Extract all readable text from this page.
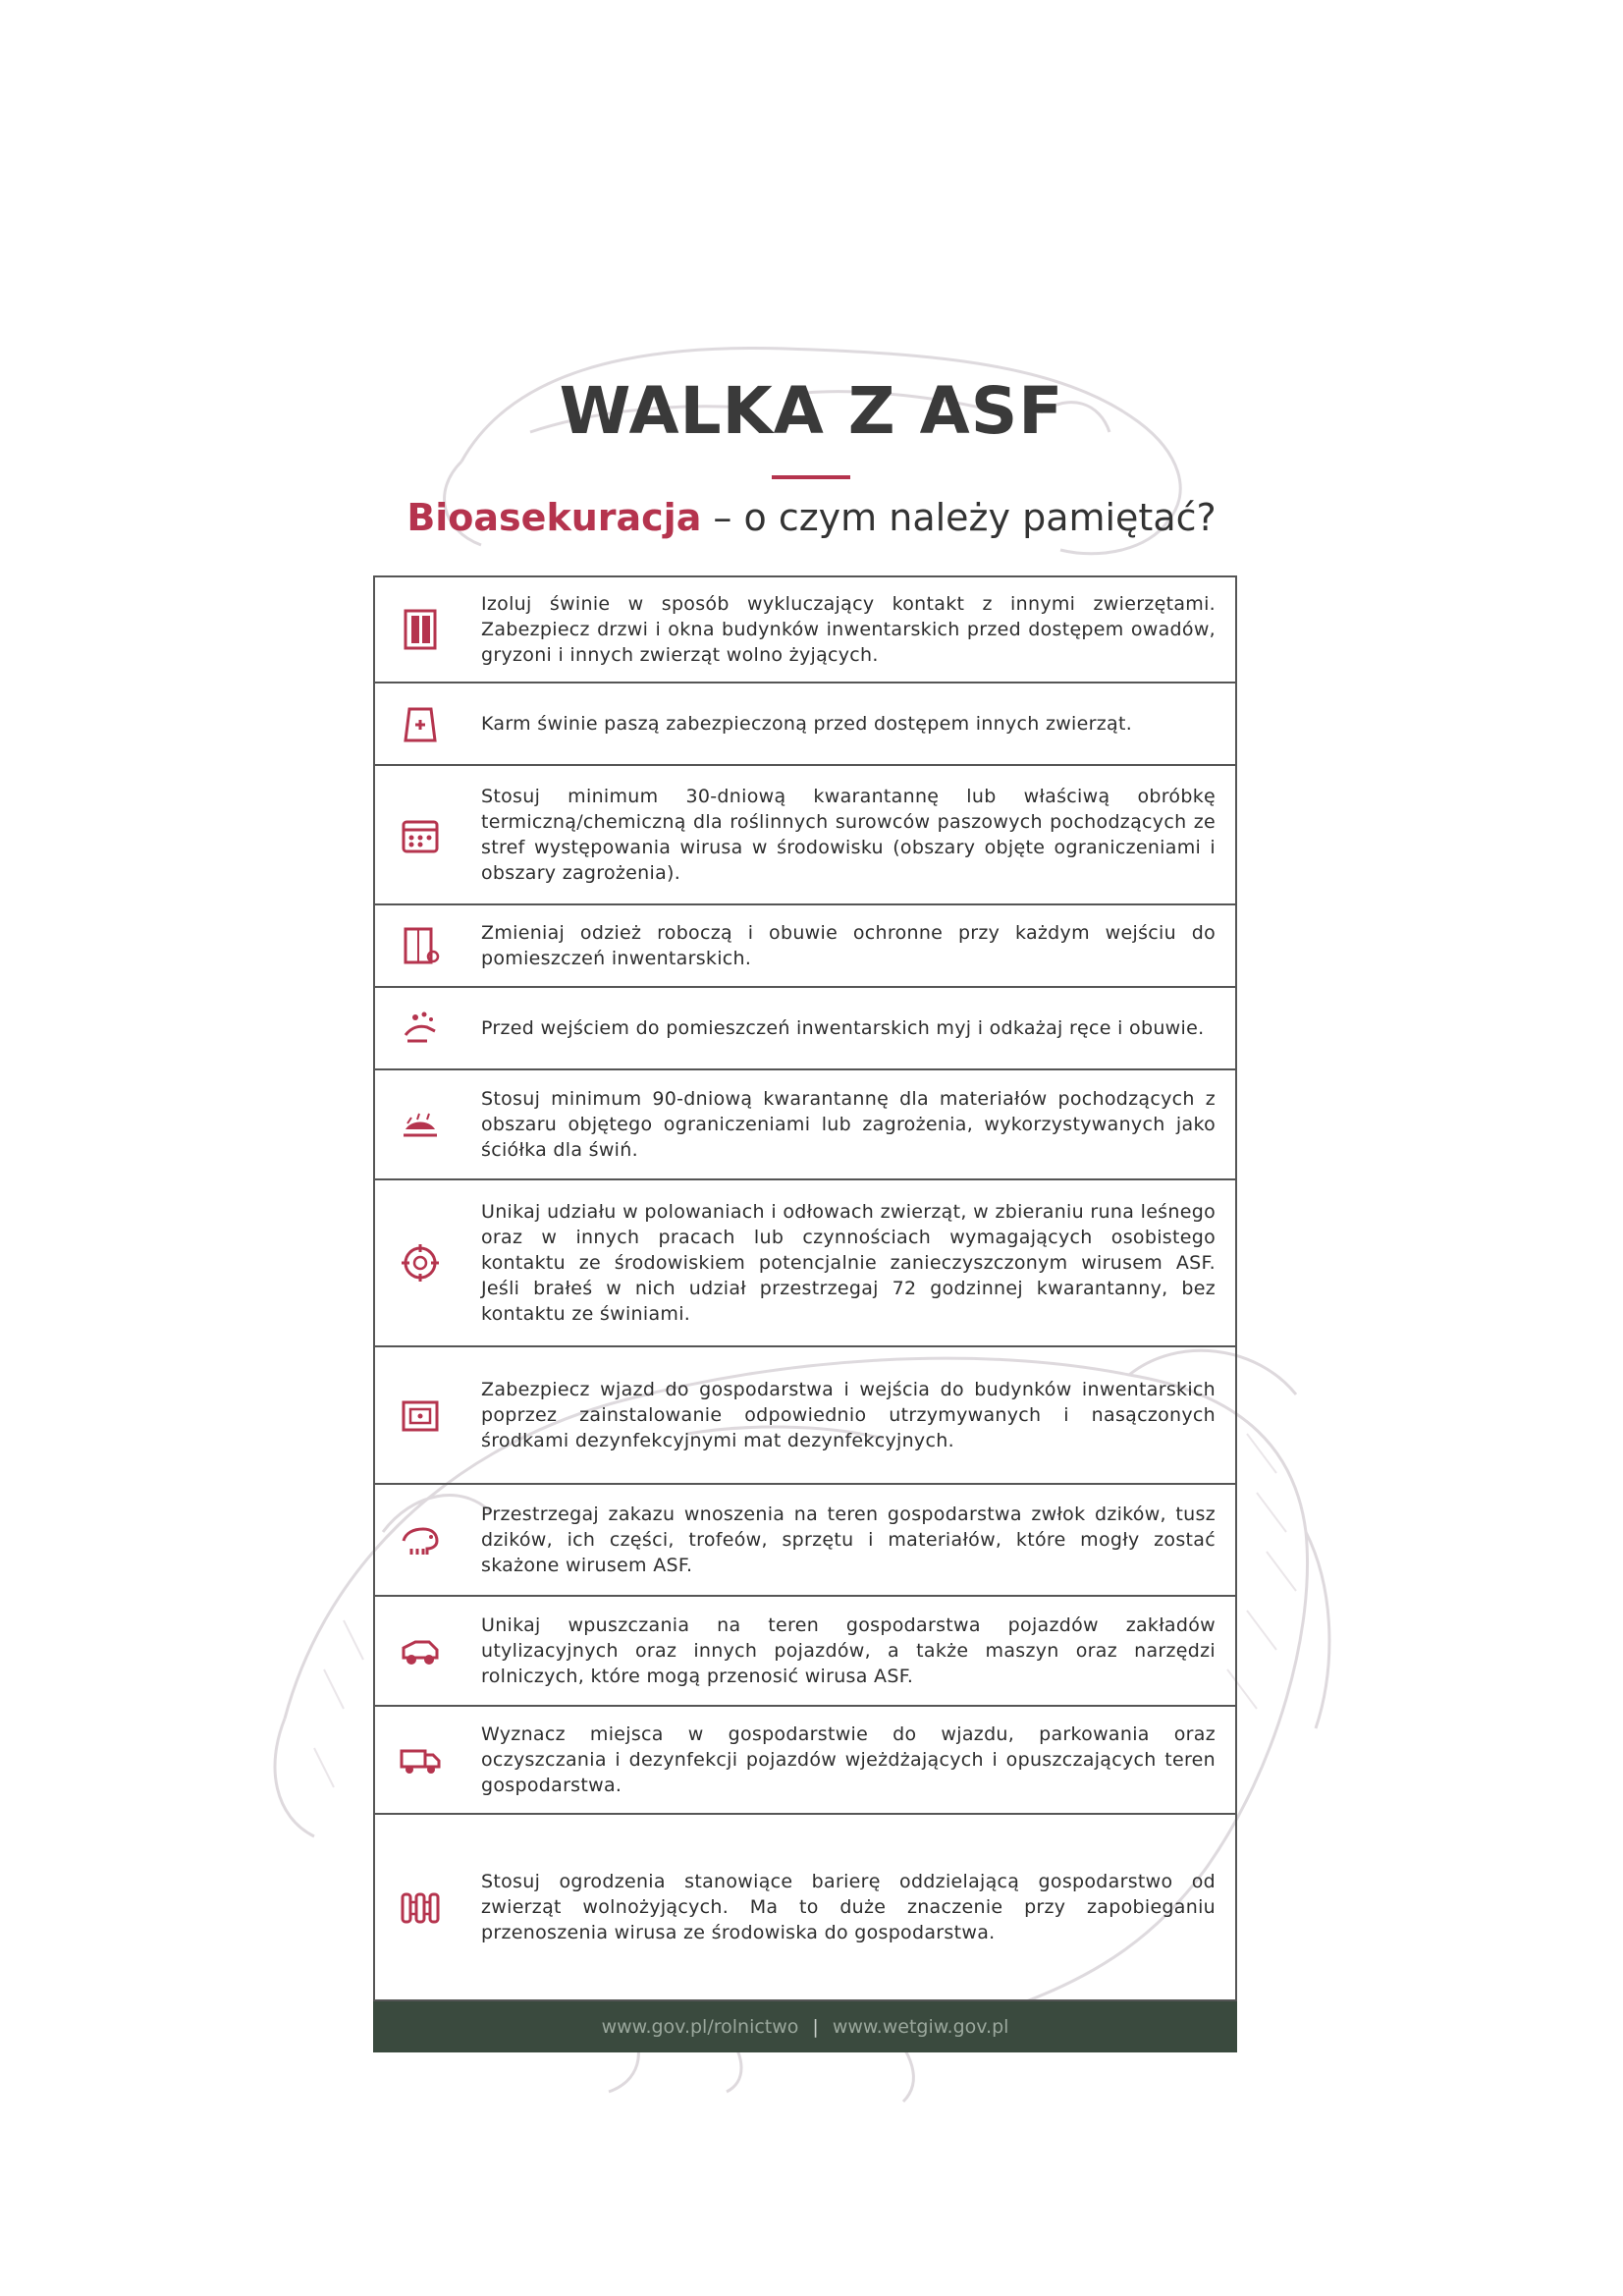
WALKA Z ASF
Bioasekuracja – o czym należy pamiętać?
Izoluj świnie w sposób wykluczający kontakt z innymi zwierzętami. Zabezpiecz drzwi i okna budynków inwentarskich przed dostępem owadów, gryzoni i innych zwierząt wolno żyjących.
Karm świnie paszą zabezpieczoną przed dostępem innych zwierząt.
Stosuj minimum 30-dniową kwarantannę lub właściwą obróbkę termiczną/chemiczną dla roślinnych surowców paszowych pochodzących ze stref występowania wirusa w środowisku (obszary objęte ograniczeniami i obszary zagrożenia).
Zmieniaj odzież roboczą i obuwie ochronne przy każdym wejściu do pomieszczeń inwentarskich.
Przed wejściem do pomieszczeń inwentarskich myj i odkażaj ręce i obuwie.
Stosuj minimum 90-dniową kwarantannę dla materiałów pochodzących z obszaru objętego ograniczeniami lub zagrożenia, wykorzystywanych jako ściółka dla świń.
Unikaj udziału w polowaniach i odłowach zwierząt, w zbieraniu runa leśnego oraz w innych pracach lub czynnościach wymagających osobistego kontaktu ze środowiskiem potencjalnie zanieczyszczonym wirusem ASF. Jeśli brałeś w nich udział przestrzegaj 72 godzinnej kwarantanny, bez kontaktu ze świniami.
Zabezpiecz wjazd do gospodarstwa i wejścia do budynków inwentarskich poprzez zainstalowanie odpowiednio utrzymywanych i nasączonych środkami dezynfekcyjnymi mat dezynfekcyjnych.
Przestrzegaj zakazu wnoszenia na teren gospodarstwa zwłok dzików, tusz dzików, ich części, trofeów, sprzętu i materiałów, które mogły zostać skażone wirusem ASF.
Unikaj wpuszczania na teren gospodarstwa pojazdów zakładów utylizacyjnych oraz innych pojazdów, a także maszyn oraz narzędzi rolniczych, które mogą przenosić wirusa ASF.
Wyznacz miejsca w gospodarstwie do wjazdu, parkowania oraz oczyszczania i dezynfekcji pojazdów wjeżdżających i opuszczających teren gospodarstwa.
Stosuj ogrodzenia stanowiące barierę oddzielającą gospodarstwo od zwierząt wolnożyjących. Ma to duże znaczenie przy zapobieganiu przenoszenia wirusa ze środowiska do gospodarstwa.
www.gov.pl/rolnictwo | www.wetgiw.gov.pl
